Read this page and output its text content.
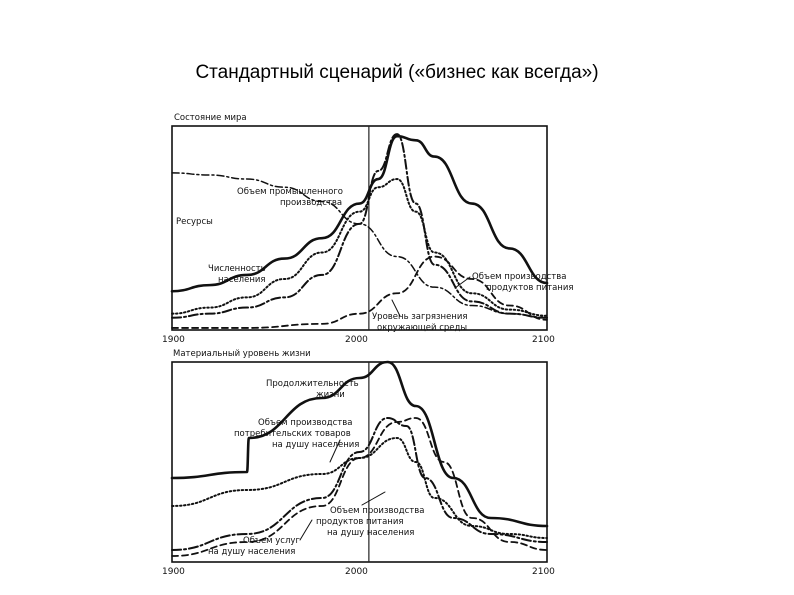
Стандартный сценарий («бизнес как всегда»)
Состояние мира
1900	2000	2100
Объем промышленного
производства
Ресурсы
Численность
населения	Объем производства
продуктов питания
Уровень загрязнения
окружающей среды
Материальный уровень жизни
1900	2000	2100
Продолжительность
жизни
Объем производства
потребительских товаров
на душу населения
Объем производства
продуктов питания
на душу населения
Объем услуг
на душу населения
